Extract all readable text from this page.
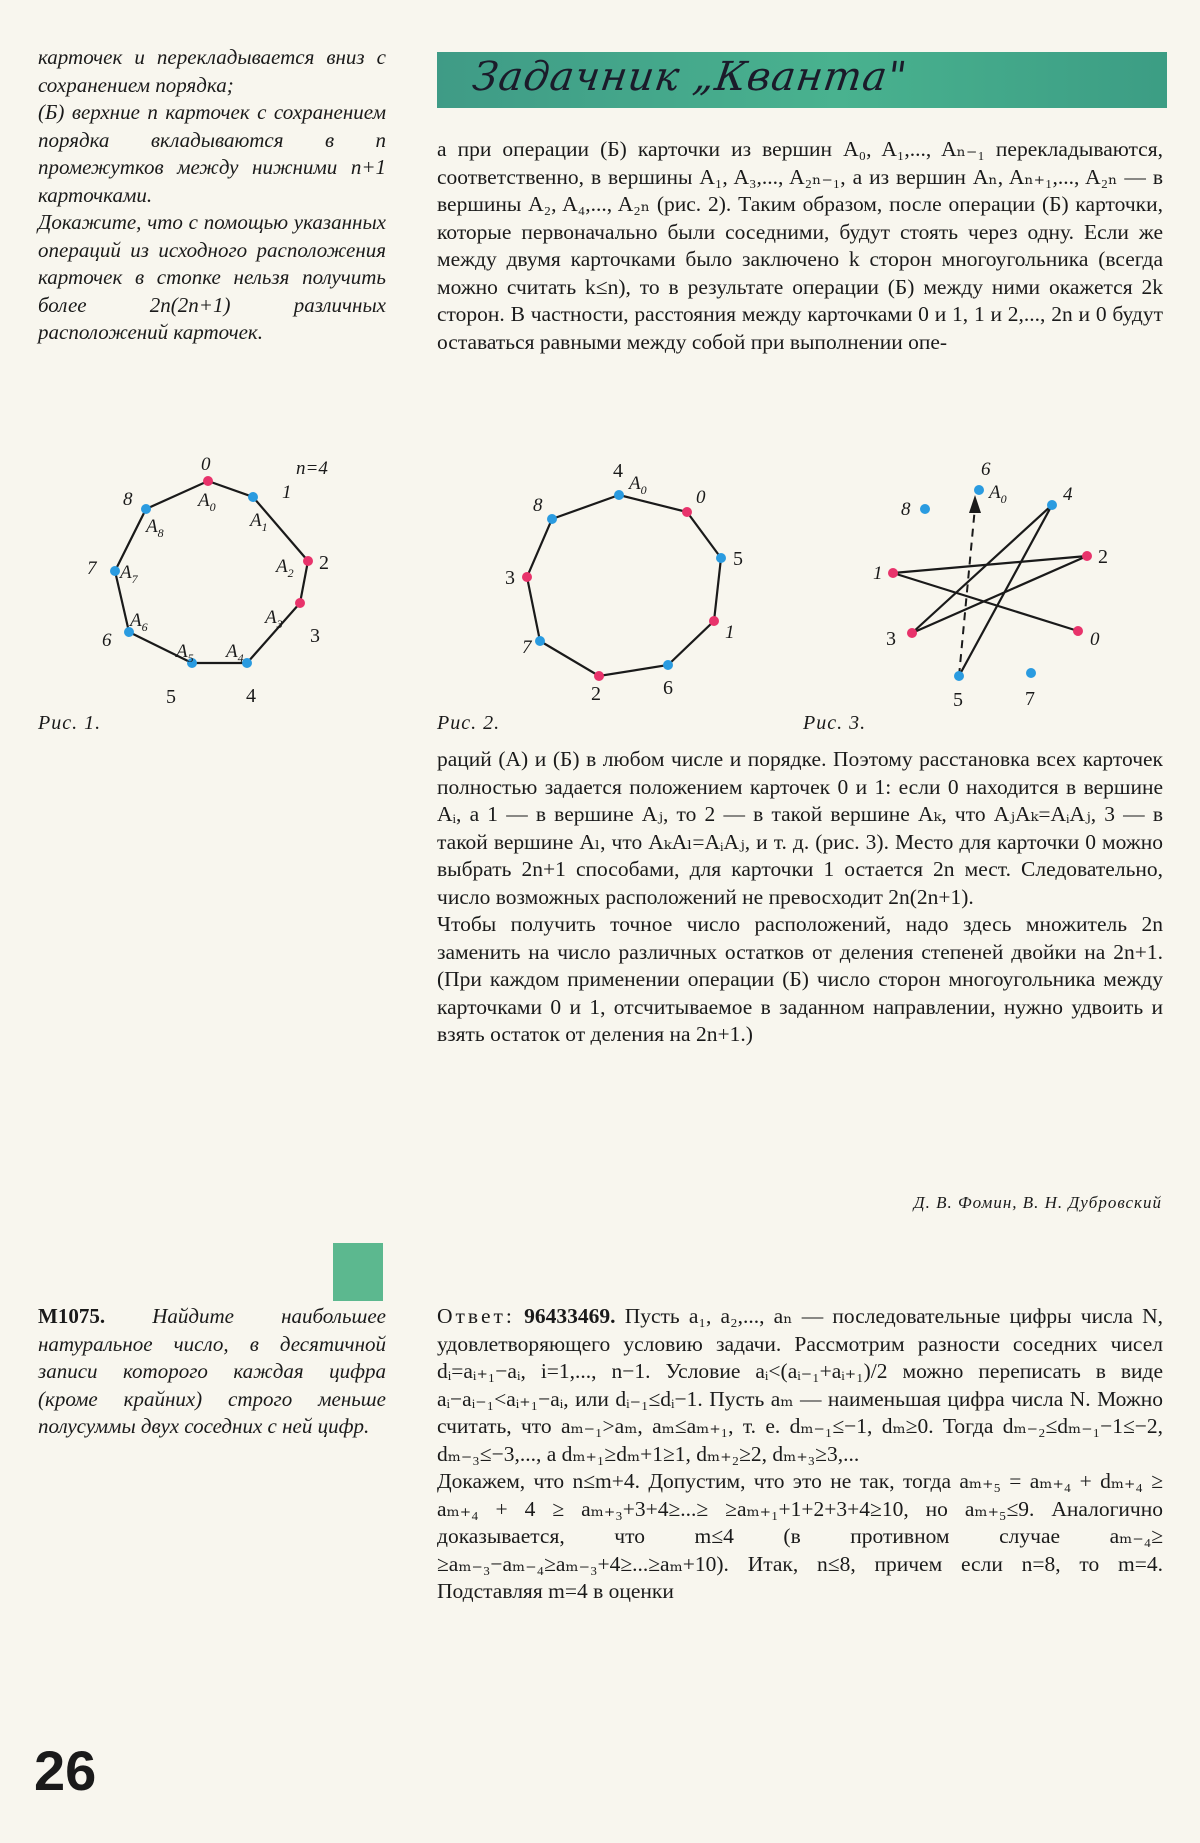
карточек и перекладывается вниз с сохранением порядка;

(Б) верхние n карточек с сохранением порядка вкладываются в n промежутков между нижними n+1 карточками.

Докажите, что с помощью указанных операций из исходного расположения карточек в стопке нельзя получить более 2n(2n+1) различных расположений карточек.

Задачник „Кванта"

а при операции (Б) карточки из вершин A₀, A₁,..., Aₙ₋₁ перекладываются, соответственно, в вершины A₁, A₃,..., A₂ₙ₋₁, а из вершин Aₙ, Aₙ₊₁,..., A₂ₙ — в вершины A₂, A₄,..., A₂ₙ (рис. 2). Таким образом, после операции (Б) карточки, которые первоначально были соседними, будут стоять через одну. Если же между двумя карточками было заключено k сторон многоугольника (всегда можно считать k≤n), то в результате операции (Б) между ними окажется 2k сторон. В частности, расстояния между карточками 0 и 1, 1 и 2,..., 2n и 0 будут оставаться равными между собой при выполнении опе-

0
1
2
3
4
5
6
7
8
n=4
$A_0$
$A_1$
$A_2$
$A_3$
$A_4$
$A_5$
$A_6$
$A_7$
$A_8$
Рис. 1.
4
$A_0$	0
5
1
6
2
7
3
8
Рис. 2.
6
$A_0$	4
2
0
7
5
3
1
8
Рис. 3.

раций (А) и (Б) в любом числе и порядке. Поэтому расстановка всех карточек полностью задается положением карточек 0 и 1: если 0 находится в вершине Aᵢ, а 1 — в вершине Aⱼ, то 2 — в такой вершине Aₖ, что AⱼAₖ=AᵢAⱼ, 3 — в такой вершине Aₗ, что AₖAₗ=AᵢAⱼ, и т. д. (рис. 3). Место для карточки 0 можно выбрать 2n+1 способами, для карточки 1 остается 2n мест. Следовательно, число возможных расположений не превосходит 2n(2n+1).

Чтобы получить точное число расположений, надо здесь множитель 2n заменить на число различных остатков от деления степеней двойки на 2n+1. (При каждом применении операции (Б) число сторон многоугольника между карточками 0 и 1, отсчитываемое в заданном направлении, нужно удвоить и взять остаток от деления на 2n+1.)

Д. В. Фомин, В. Н. Дубровский
М1075. Найдите наибольшее натуральное число, в десятичной записи которого каждая цифра (кроме крайних) строго меньше полусуммы двух соседних с ней цифр.

Ответ: 96433469. Пусть a₁, a₂,..., aₙ — последовательные цифры числа N, удовлетворяющего условию задачи. Рассмотрим разности соседних чисел dᵢ=aᵢ₊₁−aᵢ, i=1,..., n−1. Условие aᵢ<(aᵢ₋₁+aᵢ₊₁)/2 можно переписать в виде aᵢ−aᵢ₋₁<aᵢ₊₁−aᵢ, или dᵢ₋₁≤dᵢ−1. Пусть aₘ — наименьшая цифра числа N. Можно считать, что aₘ₋₁>aₘ, aₘ≤aₘ₊₁, т. е. dₘ₋₁≤−1, dₘ≥0. Тогда dₘ₋₂≤dₘ₋₁−1≤−2, dₘ₋₃≤−3,..., а dₘ₊₁≥dₘ+1≥1, dₘ₊₂≥2, dₘ₊₃≥3,...

Докажем, что n≤m+4. Допустим, что это не так, тогда aₘ₊₅ = aₘ₊₄ + dₘ₊₄ ≥ aₘ₊₄ + 4 ≥ aₘ₊₃+3+4≥...≥ ≥aₘ₊₁+1+2+3+4≥10, но aₘ₊₅≤9. Аналогично доказывается, что m≤4 (в противном случае aₘ₋₄≥ ≥aₘ₋₃−aₘ₋₄≥aₘ₋₃+4≥...≥aₘ+10). Итак, n≤8, причем если n=8, то m=4. Подставляя m=4 в оценки

26
